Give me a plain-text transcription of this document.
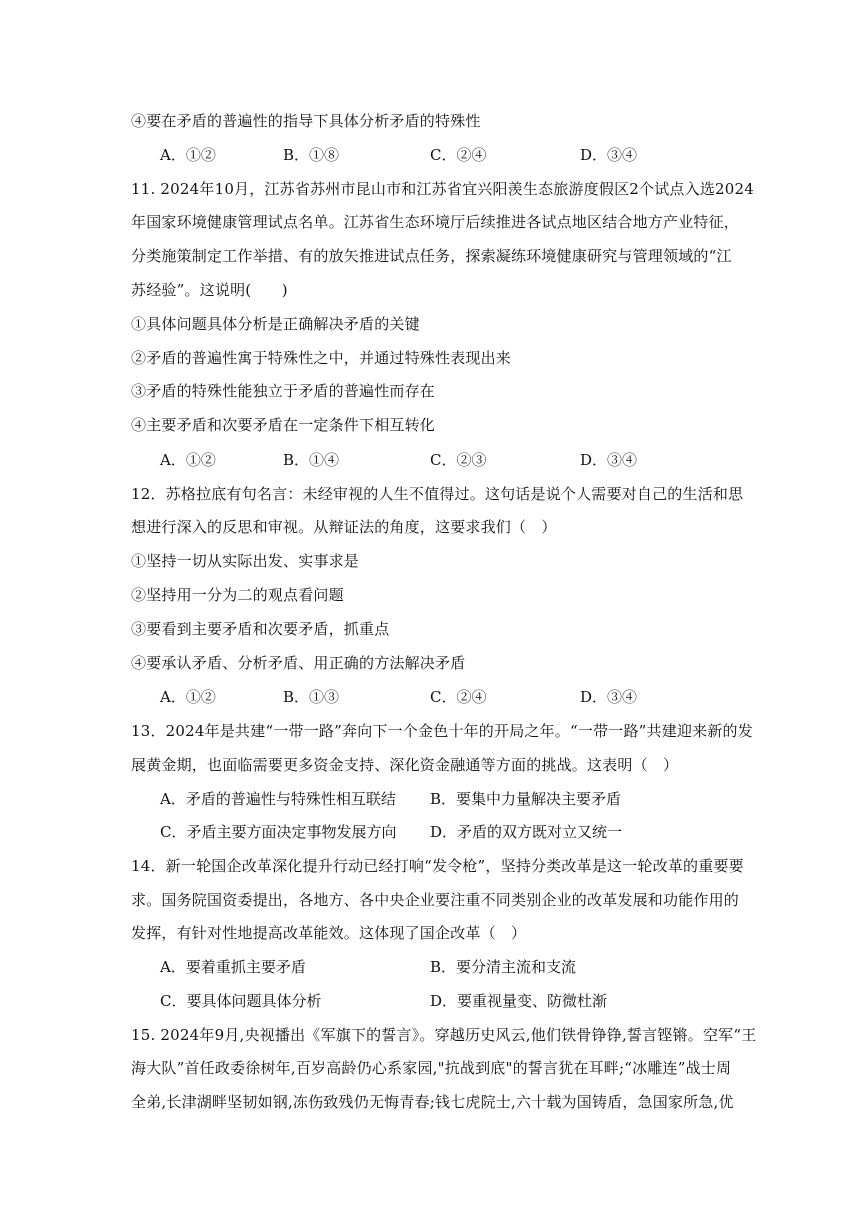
④要在矛盾的普遍性的指导下具体分析矛盾的特殊性
A．①②	B．①⑧	C．②④	D．③④
11. 2024年10月，江苏省苏州市昆山市和江苏省宜兴阳羡生态旅游度假区2个试点入选2024
年国家环境健康管理试点名单。江苏省生态环境厅后续推进各试点地区结合地方产业特征，
分类施策制定工作举措、有的放矢推进试点任务，探索凝练环境健康研究与管理领域的“江
苏经验”。这说明(　　)
①具体问题具体分析是正确解决矛盾的关键
②矛盾的普遍性寓于特殊性之中，并通过特殊性表现出来
③矛盾的特殊性能独立于矛盾的普遍性而存在
④主要矛盾和次要矛盾在一定条件下相互转化
A．①②	B．①④	C．②③	D．③④
12．苏格拉底有句名言：未经审视的人生不值得过。这句话是说个人需要对自己的生活和思
想进行深入的反思和审视。从辩证法的角度，这要求我们（　）
①坚持一切从实际出发、实事求是
②坚持用一分为二的观点看问题
③要看到主要矛盾和次要矛盾，抓重点
④要承认矛盾、分析矛盾、用正确的方法解决矛盾
A．①②	B．①③	C．②④	D．③④
13．2024年是共建“一带一路”奔向下一个金色十年的开局之年。“一带一路”共建迎来新的发
展黄金期，也面临需要更多资金支持、深化资金融通等方面的挑战。这表明（　）
A．矛盾的普遍性与特殊性相互联结 B．要集中力量解决主要矛盾
C．矛盾主要方面决定事物发展方向 D．矛盾的双方既对立又统一
14．新一轮国企改革深化提升行动已经打响“发令枪”，坚持分类改革是这一轮改革的重要要
求。国务院国资委提出，各地方、各中央企业要注重不同类别企业的改革发展和功能作用的
发挥，有针对性地提高改革能效。这体现了国企改革（　）
A．要着重抓主要矛盾	B．要分清主流和支流
C．要具体问题具体分析	D．要重视量变、防微杜渐
15. 2024年9月,央视播出《军旗下的誓言》。穿越历史风云,他们铁骨铮铮,誓言铿锵。空军“王
海大队”首任政委徐树年,百岁高龄仍心系家园,"抗战到底"的誓言犹在耳畔;“冰雕连”战士周
全弟,长津湖畔坚韧如钢,冻伤致残仍无悔青春;钱七虎院士,六十载为国铸盾，急国家所急,优
